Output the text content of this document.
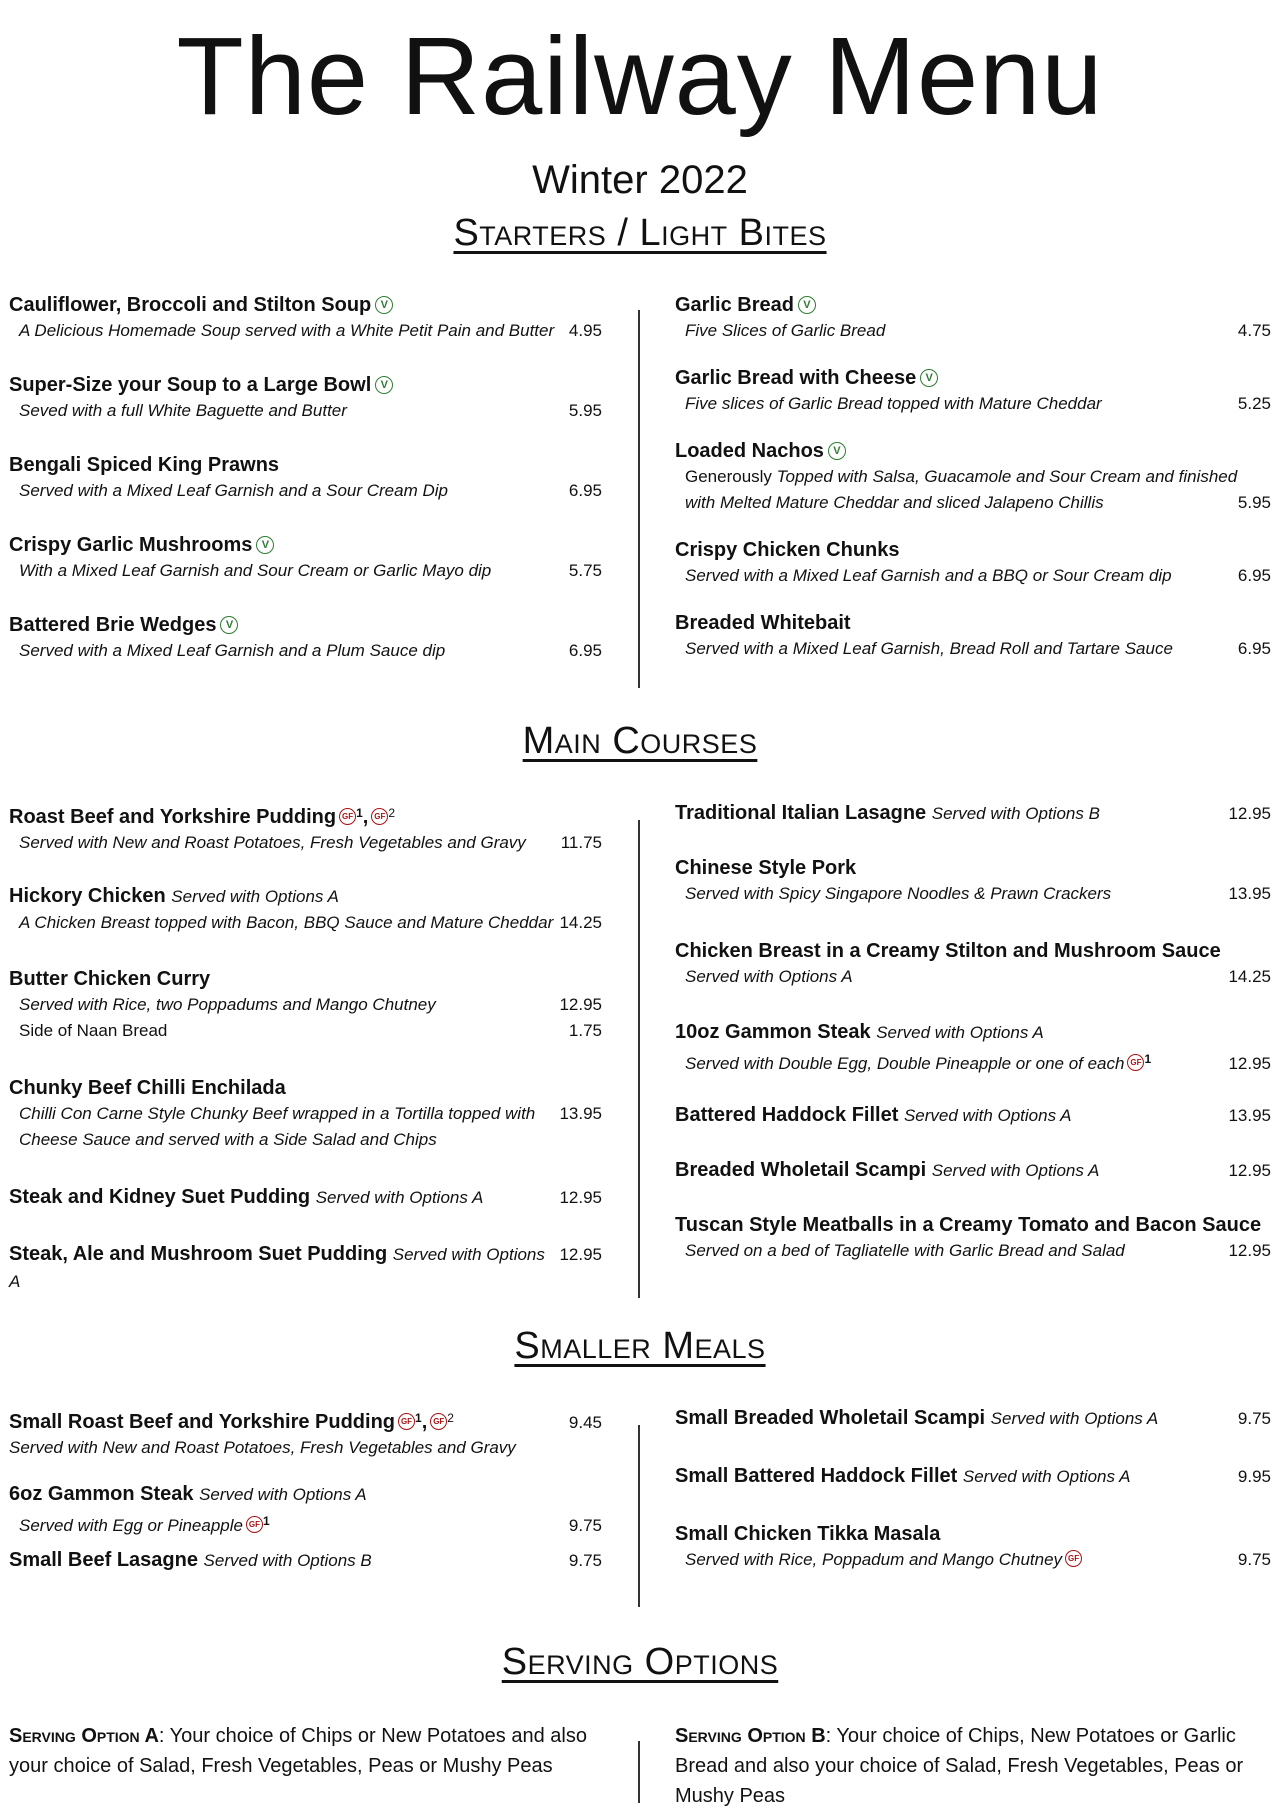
The Railway Menu
Winter 2022
Starters / Light Bites
Cauliflower, Broccoli and Stilton Soup V
A Delicious Homemade Soup served with a White Petit Pain and Butter 4.95
Super-Size your Soup to a Large Bowl V
Seved with a full White Baguette and Butter	5.95
Bengali Spiced King Prawns
Served with a Mixed Leaf Garnish and a Sour Cream Dip	6.95
Crispy Garlic Mushrooms V
With a Mixed Leaf Garnish and Sour Cream or Garlic Mayo dip	5.75
Battered Brie Wedges V
Served with a Mixed Leaf Garnish and a Plum Sauce dip	6.95
Garlic Bread V
Five Slices of Garlic Bread	4.75
Garlic Bread with Cheese V
Five slices of Garlic Bread topped with Mature Cheddar	5.25
Loaded Nachos V
Generously Topped with Salsa, Guacamole and Sour Cream and finished
with Melted Mature Cheddar and sliced Jalapeno Chillis	5.95
Crispy Chicken Chunks
Served with a Mixed Leaf Garnish and a BBQ or Sour Cream dip	6.95
Breaded Whitebait
Served with a Mixed Leaf Garnish, Bread Roll and Tartare Sauce	6.95
Main Courses
Roast Beef and Yorkshire Pudding GF $^1$, GF $^2$
Served with New and Roast Potatoes, Fresh Vegetables and Gravy 11.75
Hickory Chicken Served with Options A
A Chicken Breast topped with Bacon, BBQ Sauce and Mature Cheddar 14.25
Butter Chicken Curry
Served with Rice, two Poppadums and Mango Chutney	12.95
Side of Naan Bread	1.75
Chunky Beef Chilli Enchilada
Chilli Con Carne Style Chunky Beef wrapped in a Tortilla topped with 13.95
Cheese Sauce and served with a Side Salad and Chips
Steak and Kidney Suet Pudding Served with Options A	12.95
Steak, Ale and Mushroom Suet Pudding Served with Options A
12.95
Traditional Italian Lasagne Served with Options B	12.95
Chinese Style Pork
Served with Spicy Singapore Noodles & Prawn Crackers	13.95
Chicken Breast in a Creamy Stilton and Mushroom Sauce
Served with Options A	14.25
10oz Gammon Steak Served with Options A
Served with Double Egg, Double Pineapple or one of each GF $^1$	12.95
Battered Haddock Fillet Served with Options A	13.95
Breaded Wholetail Scampi Served with Options A	12.95
Tuscan Style Meatballs in a Creamy Tomato and Bacon Sauce
Served on a bed of Tagliatelle with Garlic Bread and Salad	12.95
Smaller Meals
Small Roast Beef and Yorkshire Pudding GF $^1$, GF $^2$	9.45
Served with New and Roast Potatoes, Fresh Vegetables and Gravy
6oz Gammon Steak Served with Options A
Served with Egg or Pineapple GF $^1$	9.75
Small Beef Lasagne Served with Options B	9.75
Small Breaded Wholetail Scampi Served with Options A	9.75
Small Battered Haddock Fillet Served with Options A	9.95
Small Chicken Tikka Masala
Served with Rice, Poppadum and Mango Chutney GF	9.75
Serving Options
Serving Option A: Your choice of Chips or New Potatoes and also your choice of Salad, Fresh Vegetables, Peas or Mushy Peas
Serving Option B: Your choice of Chips, New Potatoes or Garlic Bread and also your choice of Salad, Fresh Vegetables, Peas or Mushy Peas
